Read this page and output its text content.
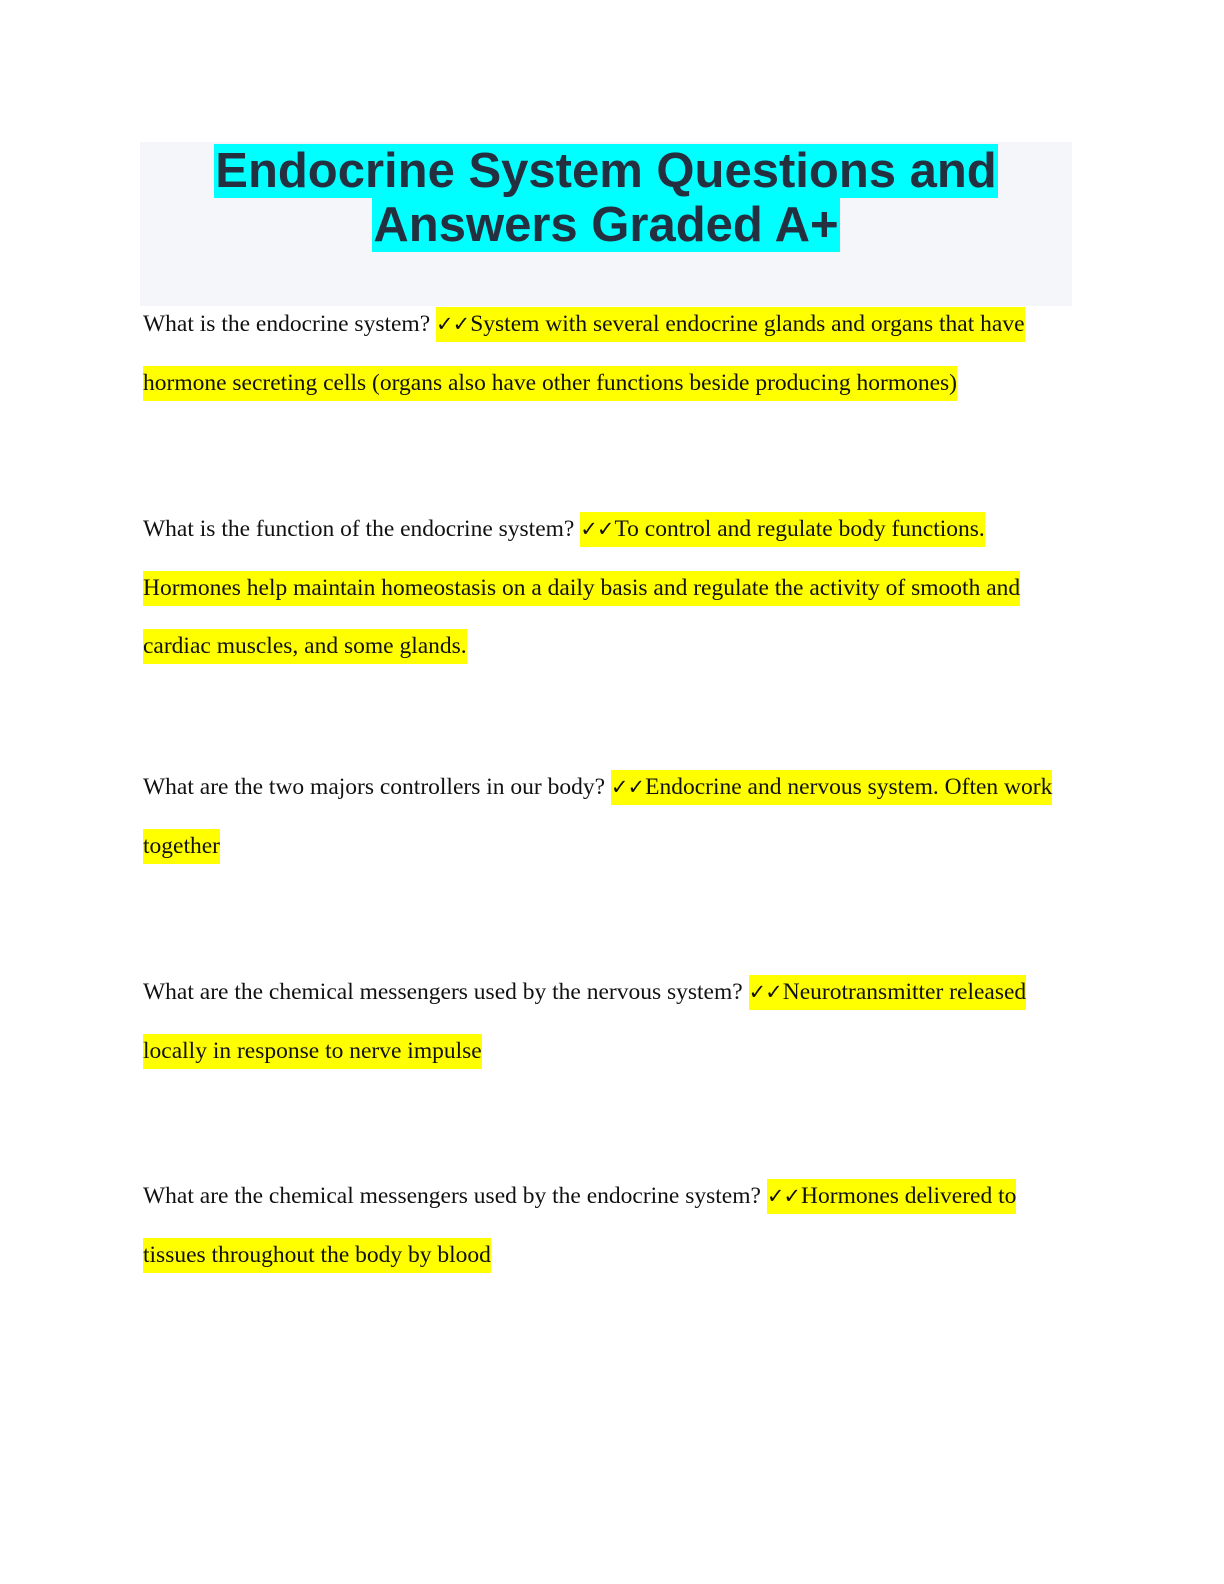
Endocrine System Questions and
Answers Graded A+

What is the endocrine system? ✓✓System with several endocrine glands and organs that have hormone secreting cells (organs also have other functions beside producing hormones)

What is the function of the endocrine system? ✓✓To control and regulate body functions. Hormones help maintain homeostasis on a daily basis and regulate the activity of smooth and cardiac muscles, and some glands.

What are the two majors controllers in our body? ✓✓Endocrine and nervous system. Often work together

What are the chemical messengers used by the nervous system? ✓✓Neurotransmitter released locally in response to nerve impulse

What are the chemical messengers used by the endocrine system? ✓✓Hormones delivered to tissues throughout the body by blood
